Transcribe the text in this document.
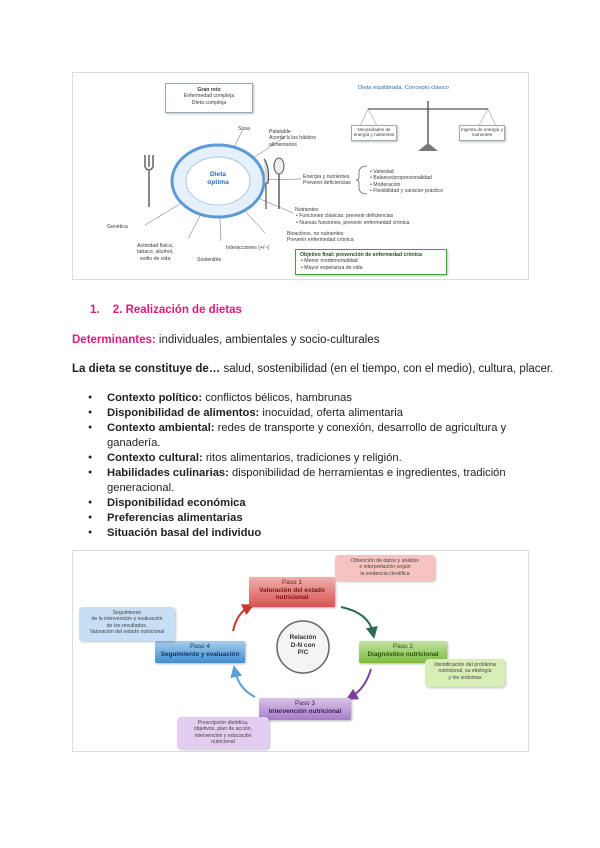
Gran reto
Enfermedad compleja
Dieta compleja
Dieta equilibrada. Concepto clásico
Necesidades de energía y nutrientes
Ingesta de energía y nutrientes
• Variedad
• Balance/proporcionalidad
• Moderación
• Flexibilidad y carácter práctico
Dieta
óptima
Sosa	Palatable
Acorde a los hábitos
alimentarios
Energía y nutrientes
Prevenir deficiencias
Nutrientes
• Funciones clásicas: prevenir deficiencias
• Nuevas funciones, prevenir enfermedad crónica
Bioactivos, no nutrientes
Prevenir enfermedad crónica
Interacciones (+/−)
Sostenible
Actividad física,
tabaco, alcohol,
estilo de vida
Genética
Objetivo final: prevención de enfermedad crónica
• Menor morbimortalidad
• Mayor esperanza de vida
1. 2. Realización de dietas
Determinantes: individuales, ambientales y socio-culturales
La dieta se constituye de… salud, sostenibilidad (en el tiempo, con el medio), cultura, placer.
● Contexto político: conflictos bélicos, hambrunas
● Disponibilidad de alimentos: inocuidad, oferta alimentaria
● Contexto ambiental: redes de transporte y conexión, desarrollo de agricultura y ganadería.
● Contexto cultural: ritos alimentarios, tradiciones y religión.
● Habilidades culinarias: disponibilidad de herramientas e ingredientes, tradición generacional.
● Disponibilidad económica
● Preferencias alimentarias
● Situación basal del individuo
Relación
D-N con
P/C
Paso 1
Valoración del estado
nutricional
Paso 2
Diagnóstico nutricional
Paso 3
Intervención nutricional
Paso 4
Seguimiento y evaluación
Obtención de datos y análisis
e interpretación según
la evidencia científica
Identificación del problema
nutricional, su etiología
y los síntomas
Prescripción dietética,
objetivos, plan de acción,
intervención y educación
nutricional
Seguimiento
de la intervención y evaluación
de los resultados.
Valoración del estado nutricional
